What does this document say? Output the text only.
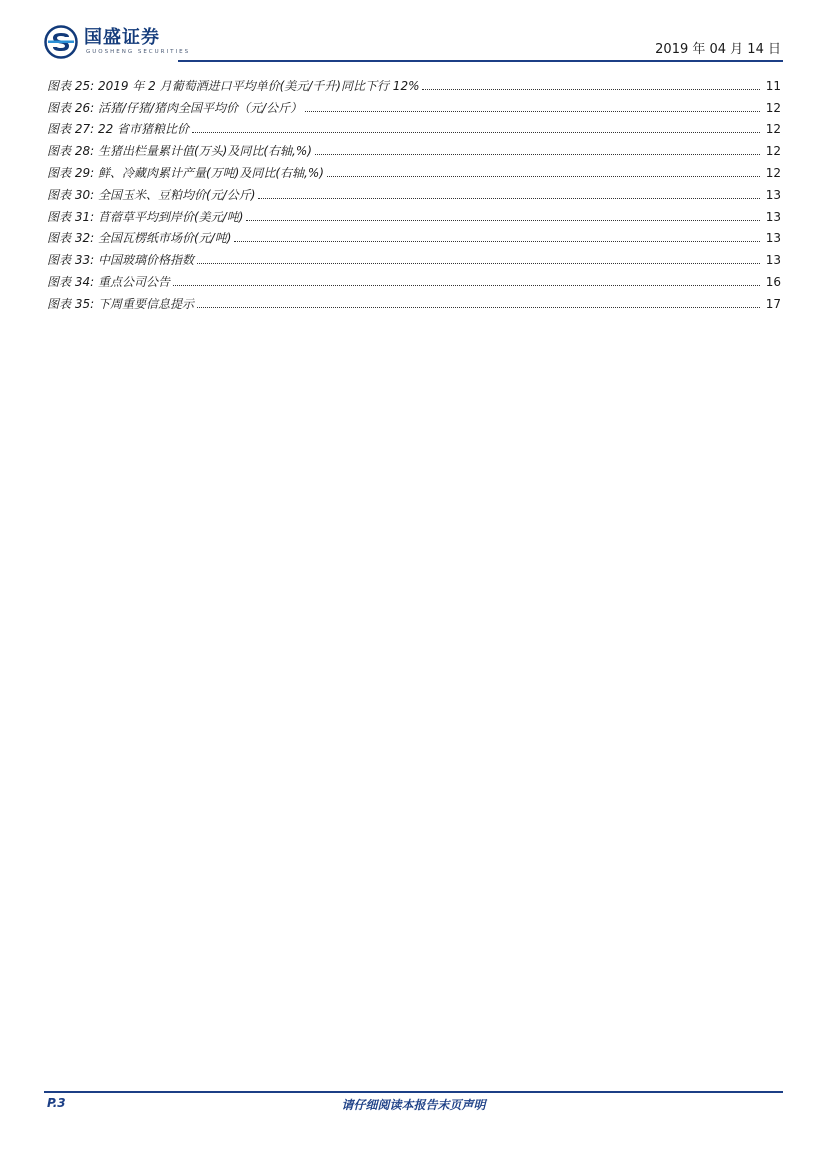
国盛证券
GUOSHENG SECURITIES	2019 年 04 月 14 日
图表 25:
2019 年 2 月葡萄酒进口平均单价(美元/千升)同比下行 12%	11
图表 26:
活猪/仔猪/猪肉全国平均价（元/公斤）	12
图表 27:
22 省市猪粮比价	12
图表 28:
生猪出栏量累计值(万头)及同比(右轴,%)	12
图表 29:
鲜、冷藏肉累计产量(万吨)及同比(右轴,%)	12
图表 30:
全国玉米、豆粕均价(元/公斤)	13
图表 31:
苜蓿草平均到岸价(美元/吨)	13
图表 32:
全国瓦楞纸市场价(元/吨)	13
图表 33:
中国玻璃价格指数	13
图表 34:
重点公司公告	16
图表 35:
下周重要信息提示	17
P.3	请仔细阅读本报告末页声明
